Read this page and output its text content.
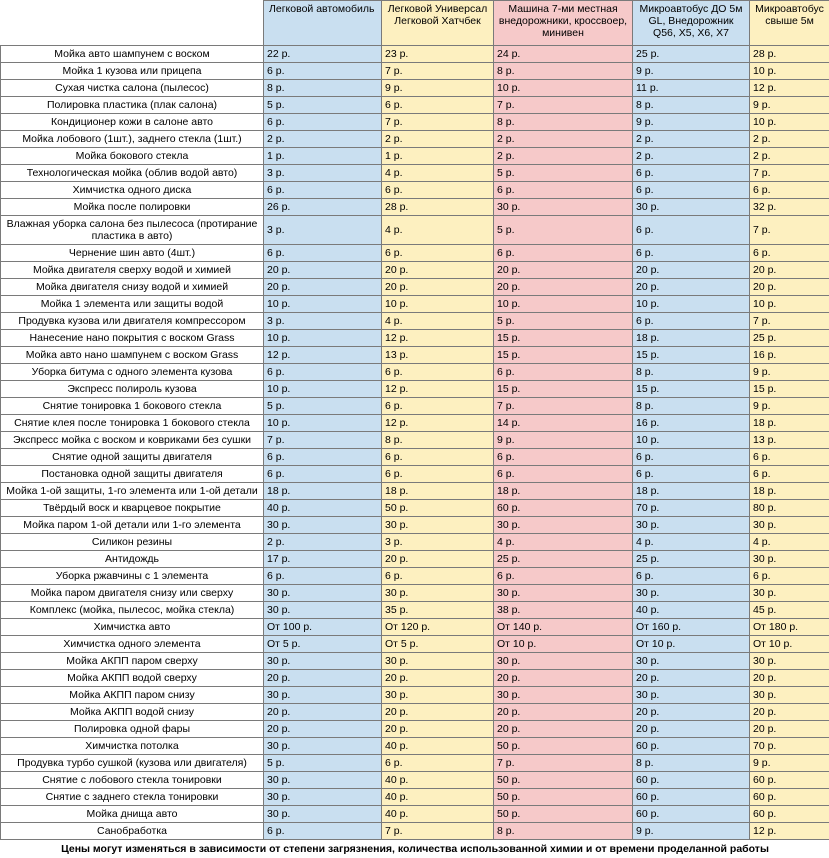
	Легковой автомобиль	Легковой Универсал Легковой Хатчбек	Машина 7-ми местная внедорожники, кроссвоер, минивен	Микроавтобус ДО 5м GL, Внедорожник Q56, X5, X6, X7	Микроавтобус свыше 5м
Мойка авто шампунем с воском	22 р.	23 р.	24 р.	25 р.	28 р.
Мойка 1 кузова или прицепа	6 р.	7 р.	8 р.	9 р.	10 р.
Сухая чистка салона (пылесос)	8 р.	9 р.	10 р.	11 р.	12 р.
Полировка пластика (плак салона)	5 р.	6 р.	7 р.	8 р.	9 р.
Кондиционер кожи в салоне авто	6 р.	7 р.	8 р.	9 р.	10 р.
Мойка лобового (1шт.), заднего стекла (1шт.)	2 р.	2 р.	2 р.	2 р.	2 р.
Мойка бокового стекла	1 р.	1 р.	2 р.	2 р.	2 р.
Технологическая мойка (облив водой авто)	3 р.	4 р.	5 р.	6 р.	7 р.
Химчистка одного диска	6 р.	6 р.	6 р.	6 р.	6 р.
Мойка после полировки	26 р.	28 р.	30 р.	30 р.	32 р.
Влажная уборка салона без пылесоса (протирание пластика в авто)	3 р.	4 р.	5 р.	6 р.	7 р.
Чернение шин авто (4шт.)	6 р.	6 р.	6 р.	6 р.	6 р.
Мойка двигателя сверху водой и химией	20 р.	20 р.	20 р.	20 р.	20 р.
Мойка двигателя снизу водой и химией	20 р.	20 р.	20 р.	20 р.	20 р.
Мойка 1 элемента или защиты водой	10 р.	10 р.	10 р.	10 р.	10 р.
Продувка кузова или двигателя компрессором	3 р.	4 р.	5 р.	6 р.	7 р.
Нанесение нано покрытия с воском Grass	10 р.	12 р.	15 р.	18 р.	25 р.
Мойка авто нано шампунем с воском Grass	12 р.	13 р.	15 р.	15 р.	16 р.
Уборка битума с одного элемента кузова	6 р.	6 р.	6 р.	8 р.	9 р.
Экспресс полироль кузова	10 р.	12 р.	15 р.	15 р.	15 р.
Снятие тонировка 1 бокового стекла	5 р.	6 р.	7 р.	8 р.	9 р.
Снятие клея после тонировка 1 бокового стекла	10 р.	12 р.	14 р.	16 р.	18 р.
Экспресс мойка с воском и ковриками без сушки	7 р.	8 р.	9 р.	10 р.	13 р.
Снятие одной защиты двигателя	6 р.	6 р.	6 р.	6 р.	6 р.
Постановка одной защиты двигателя	6 р.	6 р.	6 р.	6 р.	6 р.
Мойка 1-ой защиты, 1-го элемента или 1-ой детали	18 р.	18 р.	18 р.	18 р.	18 р.
Твёрдый воск и кварцевое покрытие	40 р.	50 р.	60 р.	70 р.	80 р.
Мойка паром 1-ой детали или 1-го элемента	30 р.	30 р.	30 р.	30 р.	30 р.
Силикон резины	2 р.	3 р.	4 р.	4 р.	4 р.
Антидождь	17 р.	20 р.	25 р.	25 р.	30 р.
Уборка ржавчины с 1 элемента	6 р.	6 р.	6 р.	6 р.	6 р.
Мойка паром двигателя снизу или сверху	30 р.	30 р.	30 р.	30 р.	30 р.
Комплекс (мойка, пылесос, мойка стекла)	30 р.	35 р.	38 р.	40 р.	45 р.
Химчистка авто	От 100 р.	От 120 р.	От 140 р.	От 160 р.	От 180 р.
Химчистка одного элемента	От 5 р.	От 5 р.	От 10 р.	От 10 р.	От 10 р.
Мойка АКПП паром сверху	30 р.	30 р.	30 р.	30 р.	30 р.
Мойка АКПП водой сверху	20 р.	20 р.	20 р.	20 р.	20 р.
Мойка АКПП паром снизу	30 р.	30 р.	30 р.	30 р.	30 р.
Мойка АКПП водой снизу	20 р.	20 р.	20 р.	20 р.	20 р.
Полировка одной фары	20 р.	20 р.	20 р.	20 р.	20 р.
Химчистка потолка	30 р.	40 р.	50 р.	60 р.	70 р.
Продувка турбо сушкой (кузова или двигателя)	5 р.	6 р.	7 р.	8 р.	9 р.
Снятие с лобового стекла тонировки	30 р.	40 р.	50 р.	60 р.	60 р.
Снятие с заднего стекла тонировки	30 р.	40 р.	50 р.	60 р.	60 р.
Мойка днища авто	30 р.	40 р.	50 р.	60 р.	60 р.
Санобработка	6 р.	7 р.	8 р.	9 р.	12 р.
Цены могут изменяться в зависимости от степени загрязнения, количества использованной химии и от времени проделанной работы					
